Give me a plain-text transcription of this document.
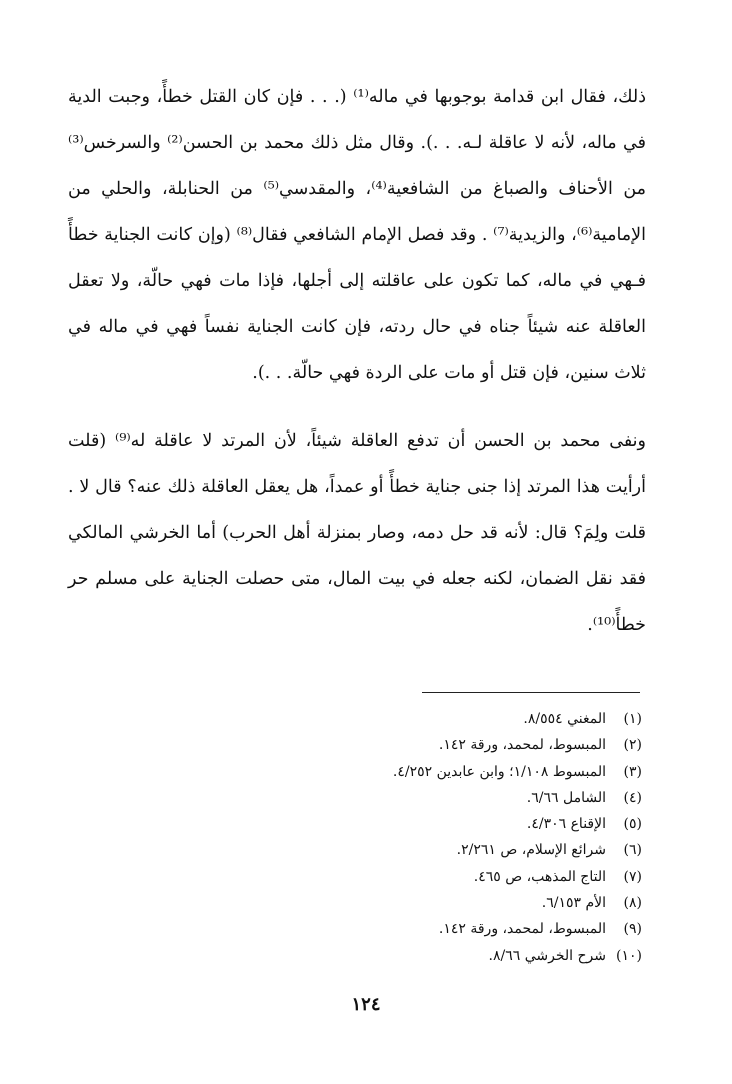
ذلك، فقال ابن قدامة بوجوبها في ماله⁽¹⁾ (. . . فإن كان القتل خطأً، وجبت الدية في ماله، لأنه لا عاقلة لـه. . .). وقال مثل ذلك محمد بن الحسن⁽²⁾ والسرخس⁽³⁾ من الأحناف والصباغ من الشافعية⁽⁴⁾، والمقدسي⁽⁵⁾ من الحنابلة، والحلي من الإمامية⁽⁶⁾، والزيدية⁽⁷⁾ . وقد فصل الإمام الشافعي فقال⁽⁸⁾ (وإن كانت الجناية خطأً فـهي في ماله، كما تكون على عاقلته إلى أجلها، فإذا مات فهي حالّة، ولا تعقل العاقلة عنه شيئاً جناه في حال ردته، فإن كانت الجناية نفساً فهي في ماله في ثلاث سنين، فإن قتل أو مات على الردة فهي حالّة. . .).

ونفى محمد بن الحسن أن تدفع العاقلة شيئاً، لأن المرتد لا عاقلة له⁽⁹⁾ (قلت أرأيت هذا المرتد إذا جنى جناية خطأً أو عمداً، هل يعقل العاقلة ذلك عنه؟ قال لا . قلت ولِمَ؟ قال: لأنه قد حل دمه، وصار بمنزلة أهل الحرب) أما الخرشي المالكي فقد نقل الضمان، لكنه جعله في بيت المال، متى حصلت الجناية على مسلم حر خطأً⁽¹⁰⁾.

(١)
المغني ٨/٥٥٤.
(٢)
المبسوط، لمحمد، ورقة ١٤٢.
(٣)
المبسوط ١/١٠٨؛ وابن عابدين ٤/٢٥٢.
(٤)
الشامل ٦/٦٦.
(٥)
الإقناع ٤/٣٠٦.
(٦)
شرائع الإسلام، ص ٢/٢٦١.
(٧)
التاج المذهب، ص ٤٦٥.
(٨)
الأم ٦/١٥٣.
(٩)
المبسوط، لمحمد، ورقة ١٤٢.
(١٠)
شرح الخرشي ٨/٦٦.
١٢٤
